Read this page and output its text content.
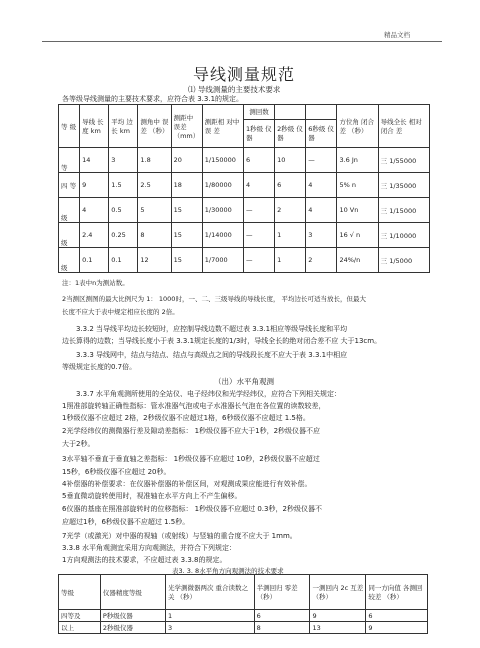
精品文档
导线测量规范
⑴ 导线测量的主要技术要求
各等级导线测量的主要技术要求，应符合表 3.3.1的规定。
等 级	导线 长度 km	平均 边长 km	测角中 误差 （秒）	测距中 误差 （mm）	测距相 对中误 差	测回数
1秒级 仪器	2秒级 仪器	6秒级 仪器	方位角 闭合差 （秒）	导线全长 相对闭合 差
等	14	3	1.8	20	1/150000	6	10	—	3.6 Jn	三 1/55000
四 等	9	1.5	2.5	18	1/80000	4	6	4	5% n	三 1/35000
级	4	0.5	5	15	1/30000	—	2	4	10 Vn	三 1/15000
级	2.4	0.25	8	15	1/14000	—	1	3	16 √ n	三 1/10000
级	0.1	0.1	12	15	1/7000	—	1	2	24%/n	三 1/5000
注：1表中n为测站数。
2当测区测图的最大比例尺为 1： 1000时，一、二、三级导线的导线长度， 平均边长可适当放长，但最大
长度不应大于表中规定相应长度的 2倍。
3.3.2 当导线平均边长较短时，应控制导线边数不超过表 3.3.1相应等级导线长度和平均
边长算得的边数；当导线长度小于表 3.3.1规定长度的1/3时，导线全长的绝对闭合差不应 大于13cm。
3.3.3 导线网中，结点与结点、结点与高级点之间的导线段长度不应大于表 3.3.1中相应
等级规定长度的0.7倍。
（出）水平角观测
3.3.7 水平角观测所使用的全站仪、电子经纬仪和光学经纬仪，应符合下列相关规定：
1照准部旋转轴正确性指标：管水准器气泡或电子水准器长气泡在各位置的读数较差，
1秒级仪器不应超过 2格，2秒级仪器不应超过1格，6秒级仪器不应超过 1.5格。
2光学经纬仪的测微器行差及隙动差指标： 1秒级仪器不应大于1秒，2秒级仪器不应
大于2秒。
3水平轴不垂直于垂直轴之差指标： 1秒级仪器不应超过 10秒，2秒级仪器不应超过
15秒，6秒级仪器不应超过 20秒。
4补偿器的补偿要求：在仪器补偿器的补偿区间，对观测成果应能进行有效补偿。
5垂直微动旋转使用时，视准轴在水平方向上不产生偏移。
6仪器的基座在照准部旋转时的位移指标： 1秒级仪器不应超过 0.3秒，2秒级仪器不
应超过1秒，6秒级仪器不应超过 1.5秒。
7光学（或激光）对中器的视轴（或射线）与竖轴的重合度不应大于 1mm。
3.3.8 水平角观测宜采用方向观测法，并符合下列规定：
1方向观测法的技术要求，不应超过表 3.3.8的规定。
表3. 3. 8水平角方向观测法的技术要求
等级	仪器精度等级	光学测微器两次 重合读数之关 （秒）	半测回归 零差（秒）	一测回内 2c 互差（秒）	同一方向值 各测回较差 （秒）
四等及	P秒级仪器	1	6	9	6
以上	2秒级仪器	3	8	13	9
